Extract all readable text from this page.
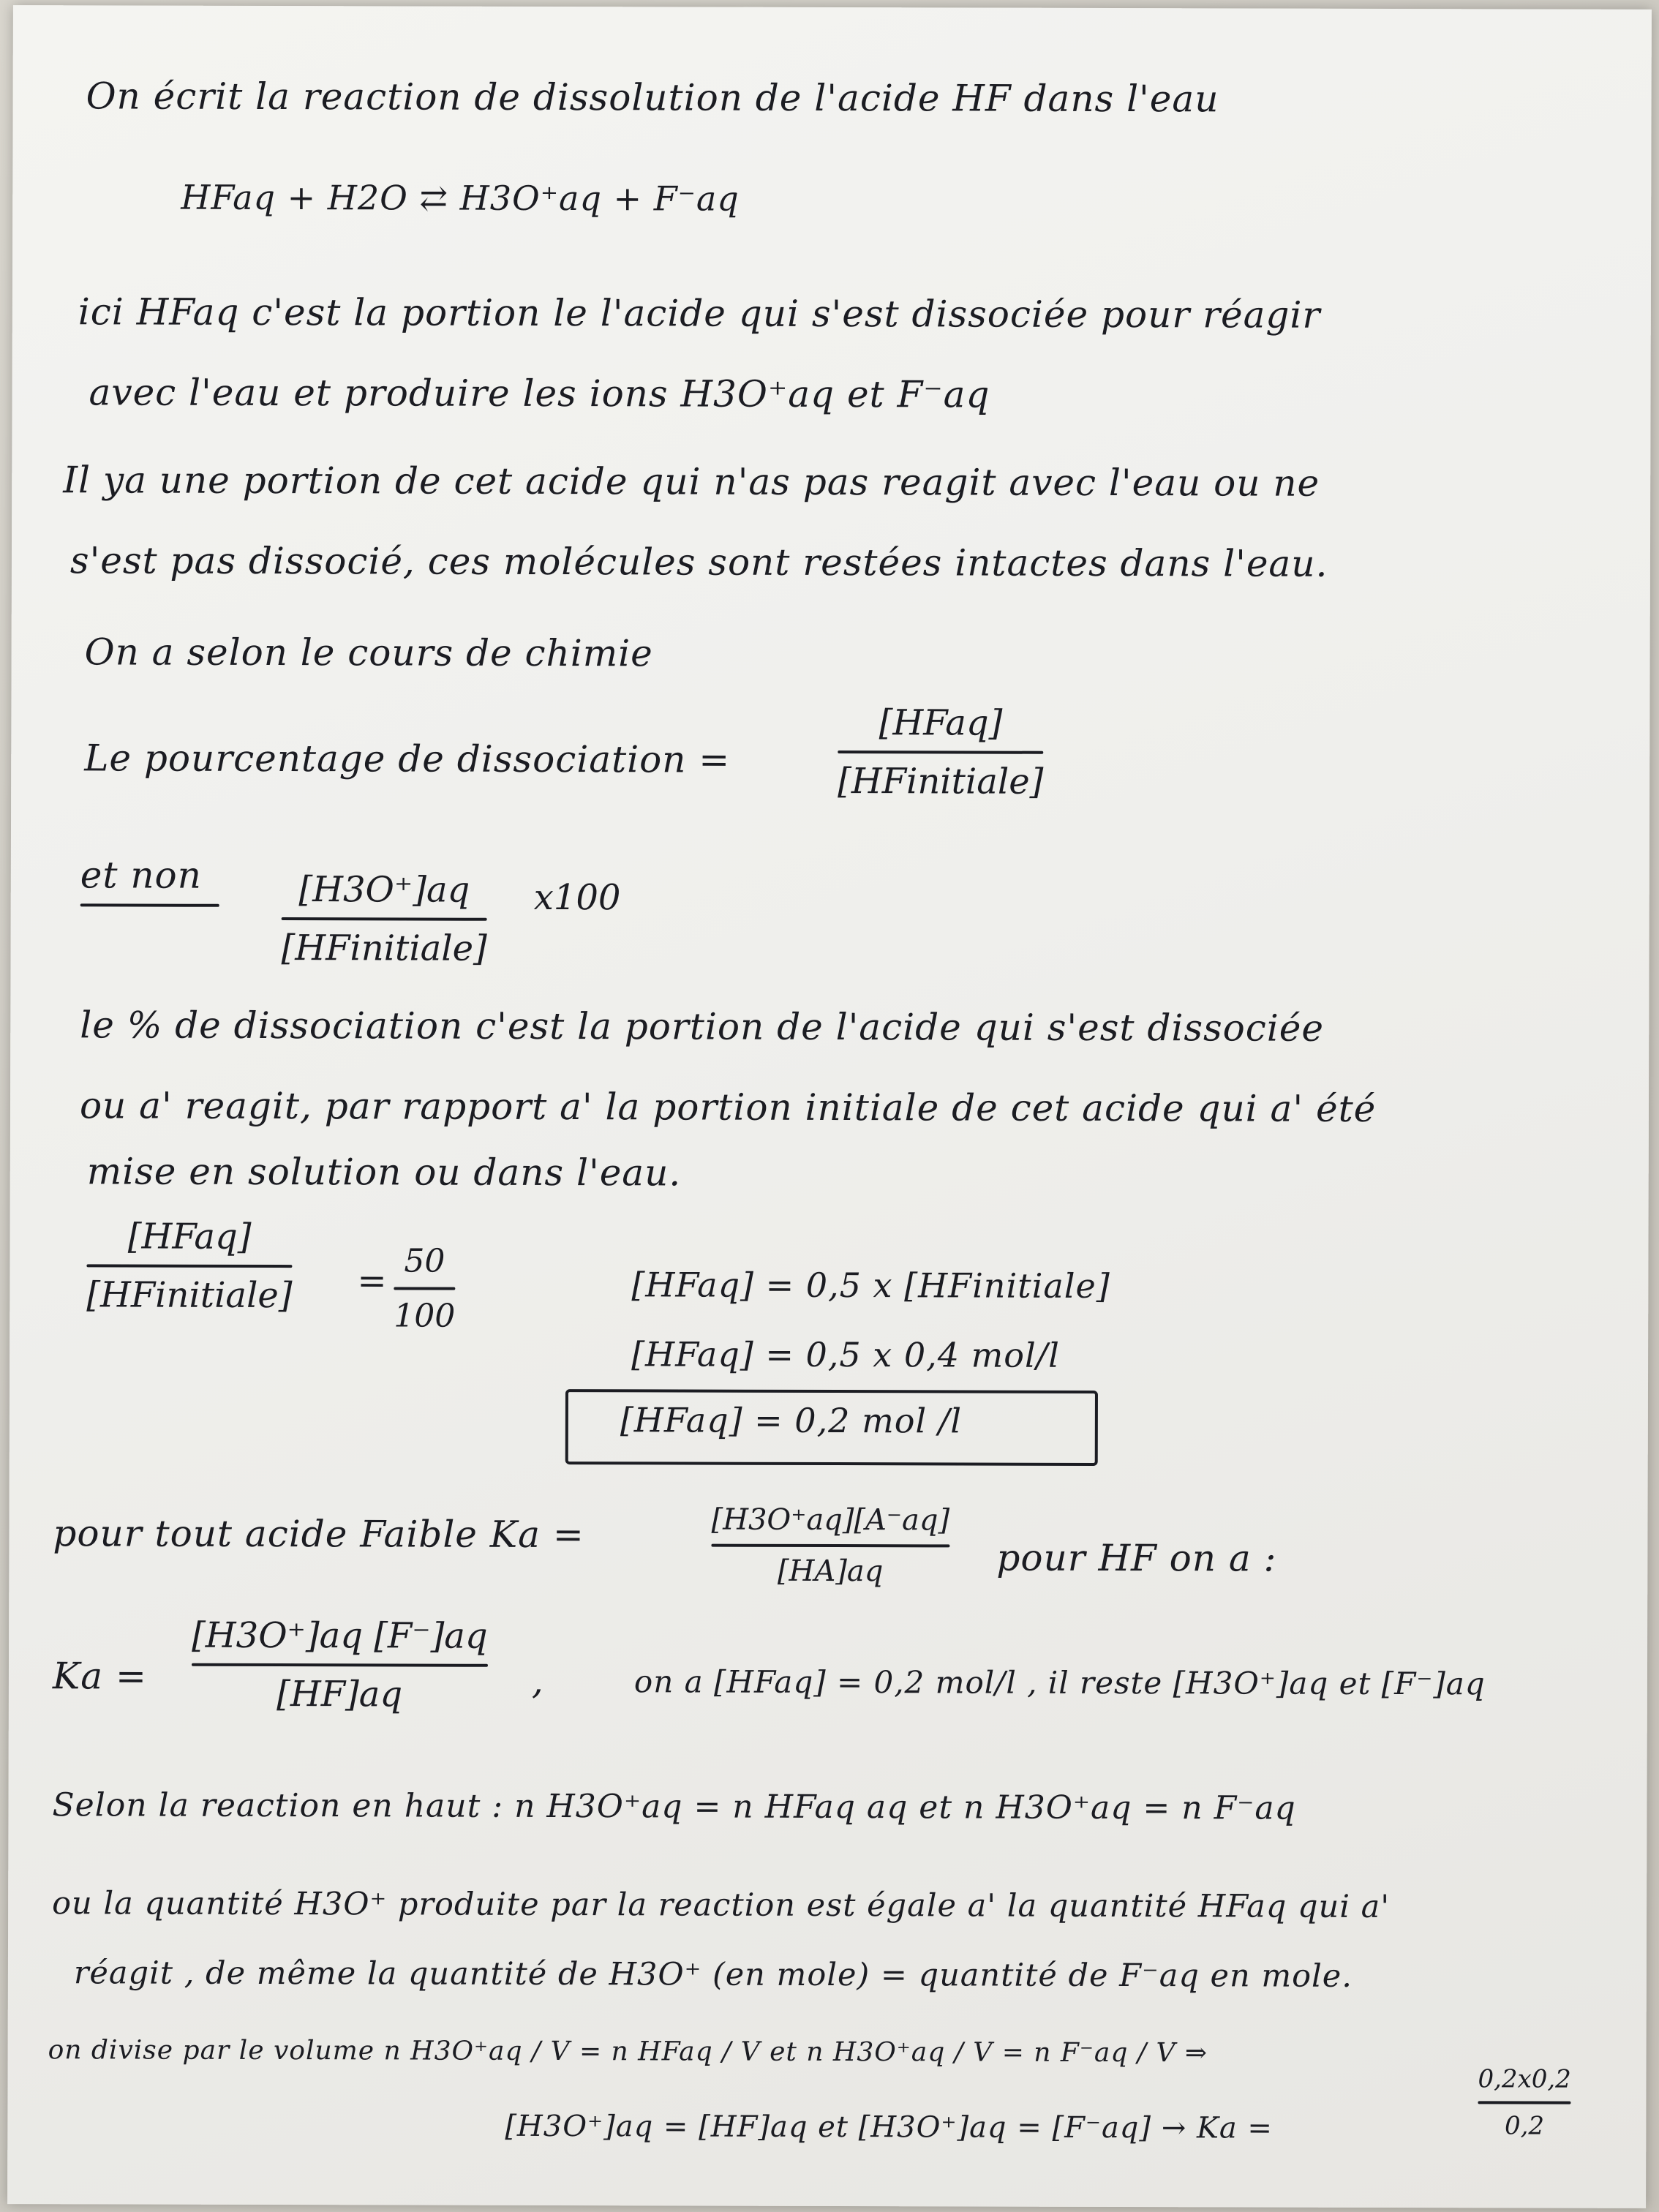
On écrit la reaction de dissolution de l'acide HF dans l'eau
HFaq + H2O ⇄ H3O⁺aq + F⁻aq
ici HFaq c'est la portion le l'acide qui s'est dissociée pour réagir
avec l'eau et produire les ions H3O⁺aq et F⁻aq
Il ya une portion de cet acide qui n'as pas reagit avec l'eau ou ne
s'est pas dissocié, ces molécules sont restées intactes dans l'eau.
On a selon le cours de chimie
Le pourcentage de dissociation =
[HFaq]
[HFinitiale]
et non	[H3O⁺]aq
[HFinitiale]
x100
le % de dissociation c'est la portion de l'acide qui s'est dissociée
ou a' reagit, par rapport a' la portion initiale de cet acide qui a' été
mise en solution ou dans l'eau.
[HFaq]
[HFinitiale] = 50
100
[HFaq] = 0,5 x [HFinitiale]
[HFaq] = 0,5 x 0,4 mol/l
[HFaq] = 0,2 mol /l
pour tout acide Faible Ka =	[H3O⁺aq][A⁻aq]
[HA]aq	pour HF on a :
Ka =
[H3O⁺]aq [F⁻]aq
[HF]aq	,	on a [HFaq] = 0,2 mol/l , il reste [H3O⁺]aq et [F⁻]aq
Selon la reaction en haut : n H3O⁺aq = n HFaq aq et n H3O⁺aq = n F⁻aq
ou la quantité H3O⁺ produite par la reaction est égale a' la quantité HFaq qui a'
réagit , de même la quantité de H3O⁺ (en mole) = quantité de F⁻aq en mole.
on divise par le volume n H3O⁺aq / V = n HFaq / V et n H3O⁺aq / V = n F⁻aq / V ⇒
[H3O⁺]aq = [HF]aq et [H3O⁺]aq = [F⁻aq] → Ka =
0,2x0,2
0,2
